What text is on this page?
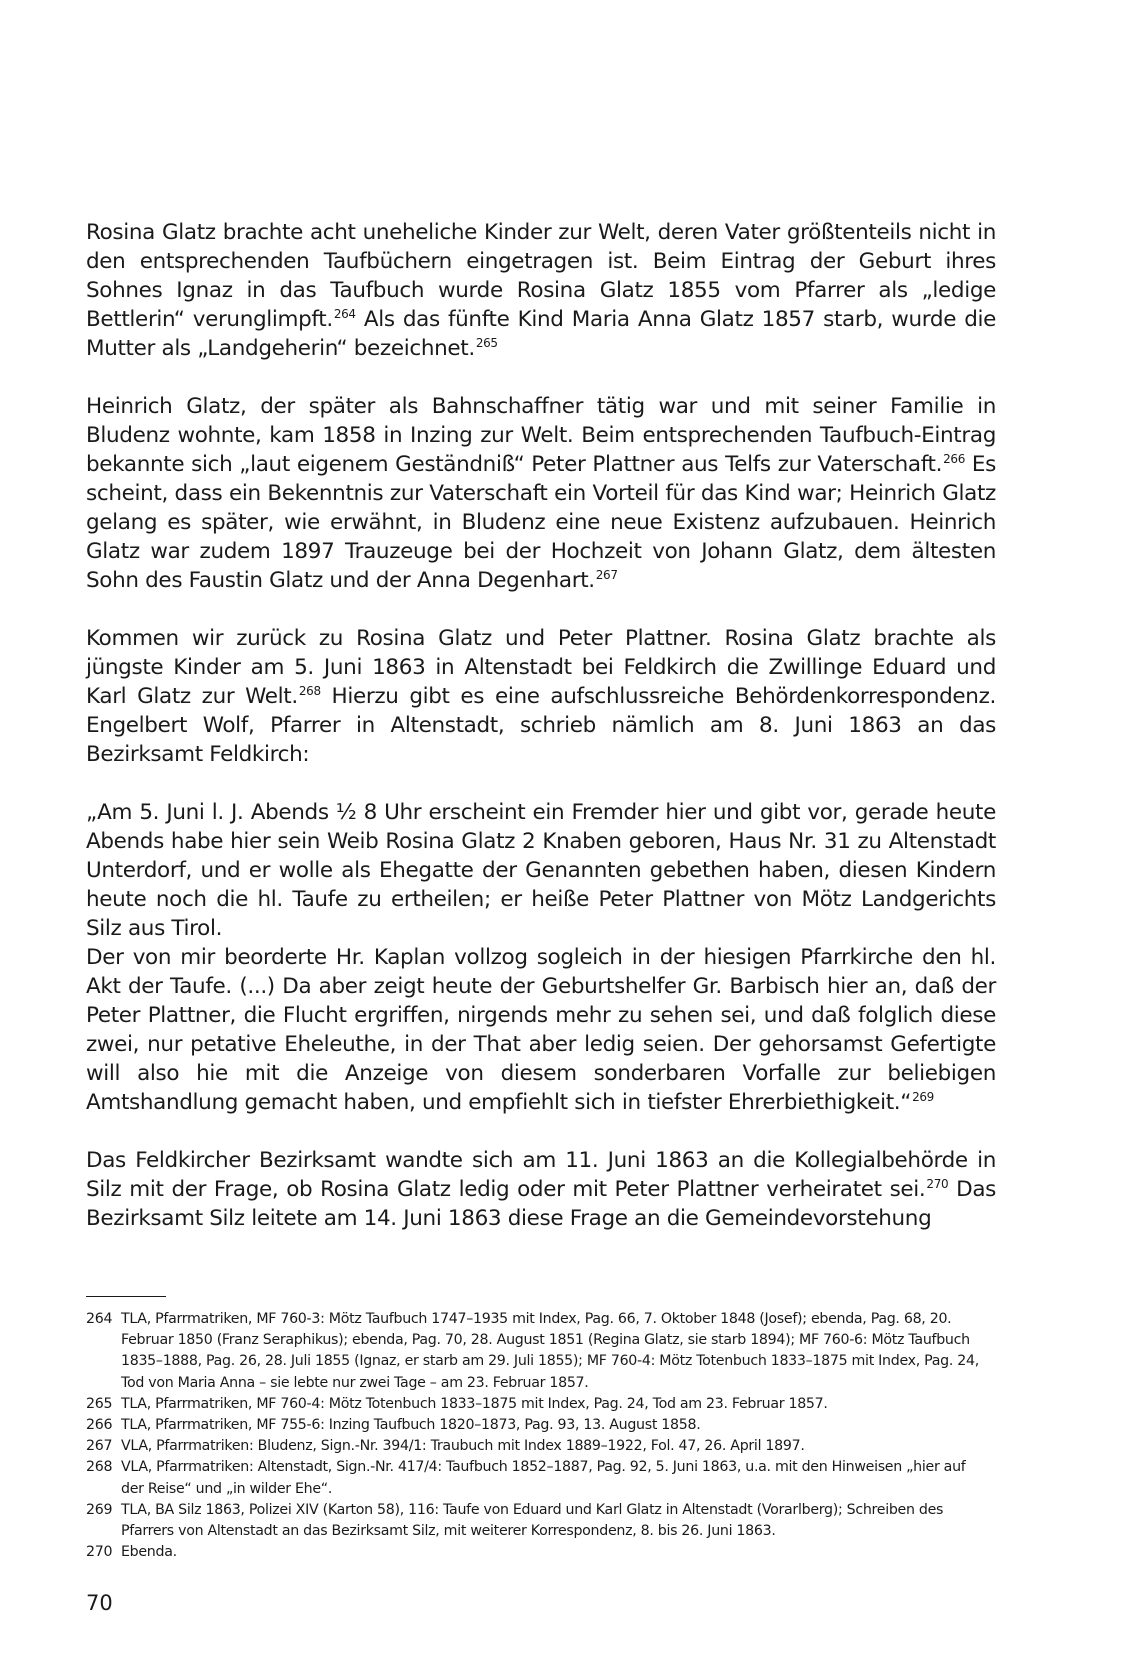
Rosina Glatz brachte acht uneheliche Kinder zur Welt, deren Vater größtenteils nicht in den entsprechenden Taufbüchern eingetragen ist. Beim Eintrag der Geburt ihres Sohnes Ignaz in das Taufbuch wurde Rosina Glatz 1855 vom Pfarrer als „ledige Bettlerin“ verunglimpft.$^{264}$ Als das fünfte Kind Maria Anna Glatz 1857 starb, wurde die Mutter als „Landgeherin“ bezeichnet.$^{265}$

Heinrich Glatz, der später als Bahnschaffner tätig war und mit seiner Familie in Bludenz wohnte, kam 1858 in Inzing zur Welt. Beim entsprechenden Taufbuch-Eintrag bekannte sich „laut eigenem Geständniß“ Peter Plattner aus Telfs zur Vaterschaft.$^{266}$ Es scheint, dass ein Bekenntnis zur Vaterschaft ein Vorteil für das Kind war; Heinrich Glatz gelang es später, wie erwähnt, in Bludenz eine neue Existenz aufzubauen. Heinrich Glatz war zudem 1897 Trauzeuge bei der Hochzeit von Johann Glatz, dem ältesten Sohn des Faustin Glatz und der Anna Degenhart.$^{267}$

Kommen wir zurück zu Rosina Glatz und Peter Plattner. Rosina Glatz brachte als jüngste Kinder am 5. Juni 1863 in Altenstadt bei Feldkirch die Zwillinge Eduard und Karl Glatz zur Welt.$^{268}$ Hierzu gibt es eine aufschlussreiche Behördenkorrespondenz. Engelbert Wolf, Pfarrer in Altenstadt, schrieb nämlich am 8. Juni 1863 an das Bezirksamt Feldkirch:

„Am 5. Juni l. J. Abends ½ 8 Uhr erscheint ein Fremder hier und gibt vor, gerade heute Abends habe hier sein Weib Rosina Glatz 2 Knaben geboren, Haus Nr. 31 zu Altenstadt Unterdorf, und er wolle als Ehegatte der Genannten gebethen haben, diesen Kindern heute noch die hl. Taufe zu ertheilen; er heiße Peter Plattner von Mötz Landgerichts Silz aus Tirol.

Der von mir beorderte Hr. Kaplan vollzog sogleich in der hiesigen Pfarrkirche den hl. Akt der Taufe. (...) Da aber zeigt heute der Geburtshelfer Gr. Barbisch hier an, daß der Peter Plattner, die Flucht ergriffen, nirgends mehr zu sehen sei, und daß folglich diese zwei, nur petative Eheleuthe, in der That aber ledig seien. Der gehorsamst Gefertigte will also hie mit die Anzeige von diesem sonderbaren Vorfalle zur beliebigen Amtshandlung gemacht haben, und empfiehlt sich in tiefster Ehrerbiethigkeit.“$^{269}$

Das Feldkircher Bezirksamt wandte sich am 11. Juni 1863 an die Kollegialbehörde in Silz mit der Frage, ob Rosina Glatz ledig oder mit Peter Plattner verheiratet sei.$^{270}$ Das Bezirksamt Silz leitete am 14. Juni 1863 diese Frage an die Gemeindevorstehung

264 TLA, Pfarrmatriken, MF 760-3: Mötz Taufbuch 1747–1935 mit Index, Pag. 66, 7. Oktober 1848 (Josef); ebenda, Pag. 68, 20. Februar 1850 (Franz Seraphikus); ebenda, Pag. 70, 28. August 1851 (Regina Glatz, sie starb 1894); MF 760-6: Mötz Taufbuch 1835–1888, Pag. 26, 28. Juli 1855 (Ignaz, er starb am 29. Juli 1855); MF 760-4: Mötz Totenbuch 1833–1875 mit Index, Pag. 24, Tod von Maria Anna – sie lebte nur zwei Tage – am 23. Februar 1857.
265 TLA, Pfarrmatriken, MF 760-4: Mötz Totenbuch 1833–1875 mit Index, Pag. 24, Tod am 23. Februar 1857.
266 TLA, Pfarrmatriken, MF 755-6: Inzing Taufbuch 1820–1873, Pag. 93, 13. August 1858.
267 VLA, Pfarrmatriken: Bludenz, Sign.-Nr. 394/1: Traubuch mit Index 1889–1922, Fol. 47, 26. April 1897.
268 VLA, Pfarrmatriken: Altenstadt, Sign.-Nr. 417/4: Taufbuch 1852–1887, Pag. 92, 5. Juni 1863, u.a. mit den Hinweisen „hier auf der Reise“ und „in wilder Ehe“.
269 TLA, BA Silz 1863, Polizei XIV (Karton 58), 116: Taufe von Eduard und Karl Glatz in Altenstadt (Vorarlberg); Schreiben des Pfarrers von Altenstadt an das Bezirksamt Silz, mit weiterer Korrespondenz, 8. bis 26. Juni 1863.
270 Ebenda.
70
